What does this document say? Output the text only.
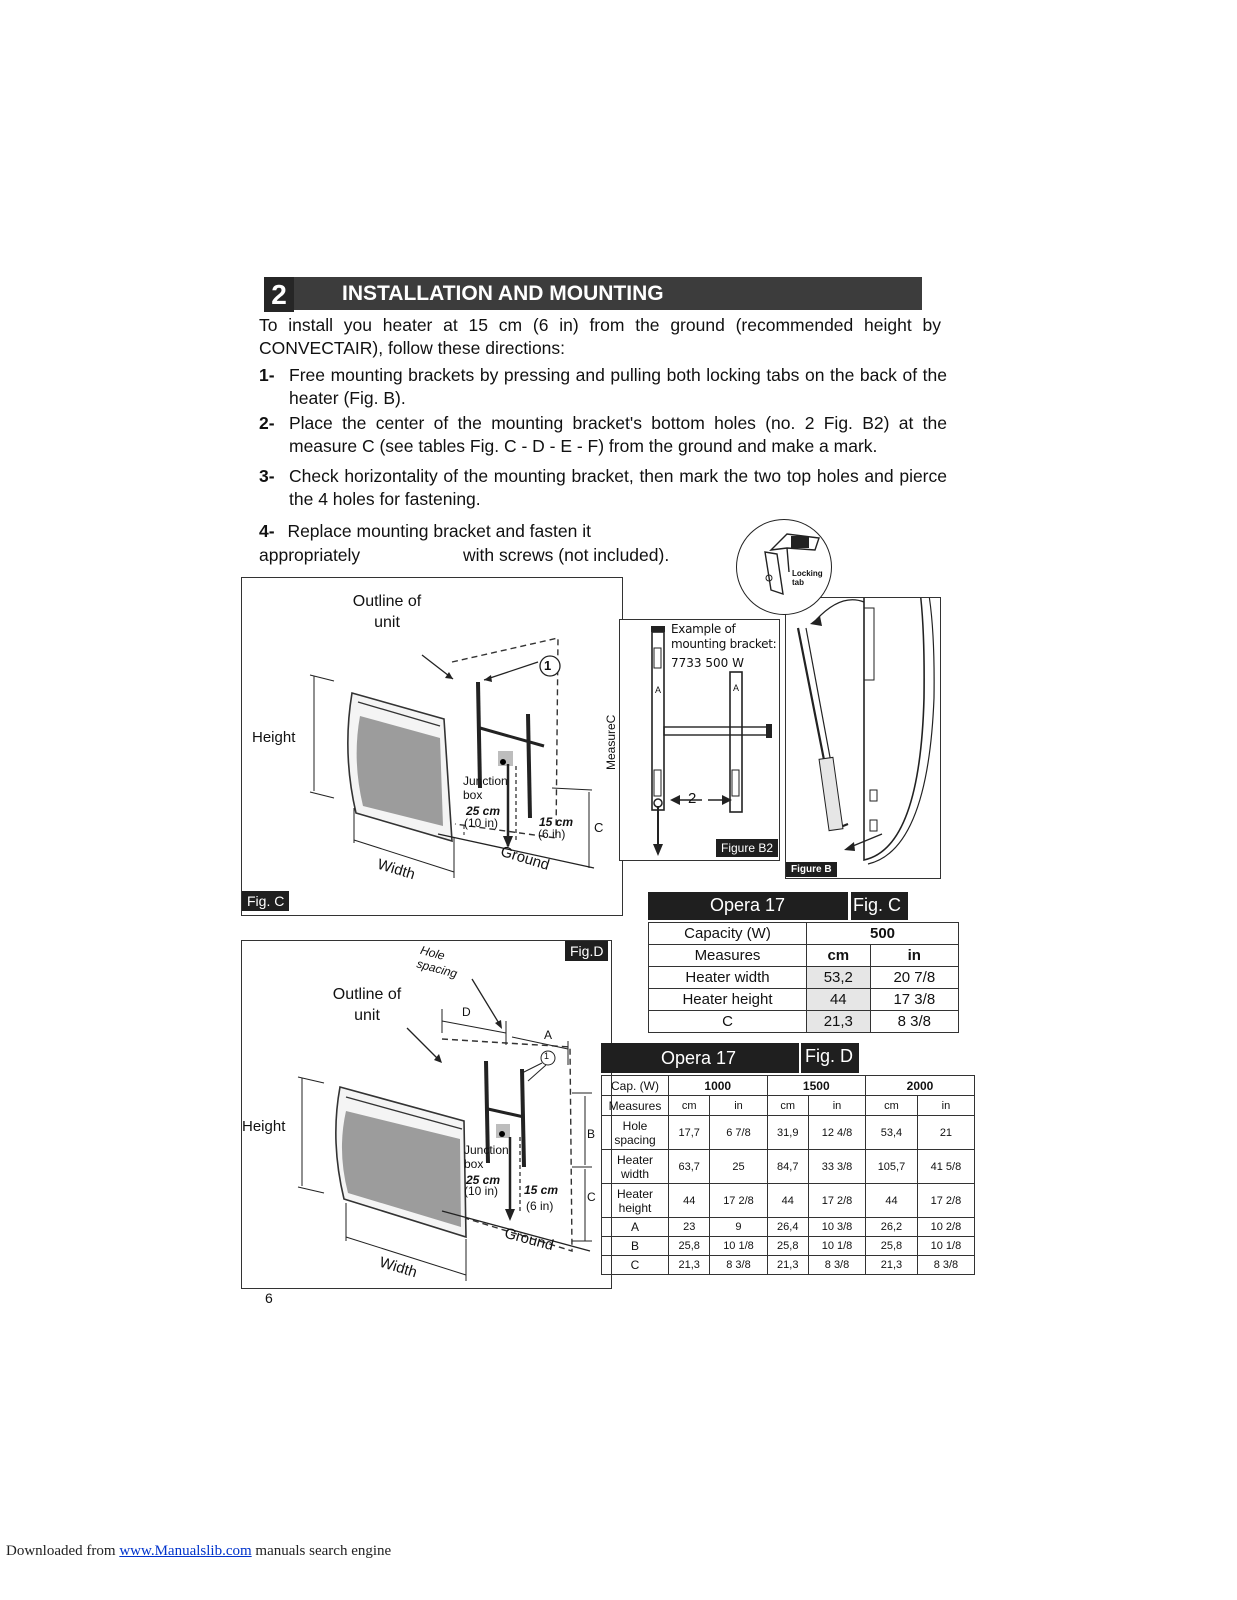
2	INSTALLATION AND MOUNTING
To install you heater at 15 cm (6 in) from the ground (recommended height by CONVECTAIR), follow these directions:
1- Free mounting brackets by pressing and pulling both locking tabs on the back of the heater (Fig. B).
2- Place the center of the mounting bracket's bottom holes (no. 2 Fig. B2) at the measure C (see tables Fig. C - D - E - F) from the ground and make a mark.
3- Check horizontality of the mounting bracket, then mark the two top holes and pierce the 4 holes for fastening.
4- Replace mounting bracket and fasten it
appropriately	with screws (not included).
Outline of unit
1
Height
Width
Junction box
25 cm
(10 in)	15 cm
(6 in) C
Ground
Fig. C
Example of
mounting bracket:
7733 500 W
MeasureC
2
A	A
Figure B2
Figure B
Locking tab
Opera 17	Fig. C
Capacity (W)	500	
Measures	cm	in
Heater width	53,2	20 7/8
Heater height	44	17 3/8
C	21,3	8 3/8
Fig.D
Hole spacing
Outline of unit
Height
Width
Junction box
25 cm
(10 in) 15 cm
(6 in)
D
A
B
C
1
Ground
Opera 17	Fig. D
Cap. (W)	1000		1500		2000	
Measures	cm	in	cm	in	cm	in
Hole
spacing	17,7	6 7/8	31,9	12 4/8	53,4	21
Heater
width	63,7	25	84,7	33 3/8	105,7	41 5/8
Heater
height	44	17 2/8	44	17 2/8	44	17 2/8
A	23	9	26,4	10 3/8	26,2	10 2/8
B	25,8	10 1/8	25,8	10 1/8	25,8	10 1/8
C	21,3	8 3/8	21,3	8 3/8	21,3	8 3/8
6
Downloaded from www.Manualslib.com manuals search engine
